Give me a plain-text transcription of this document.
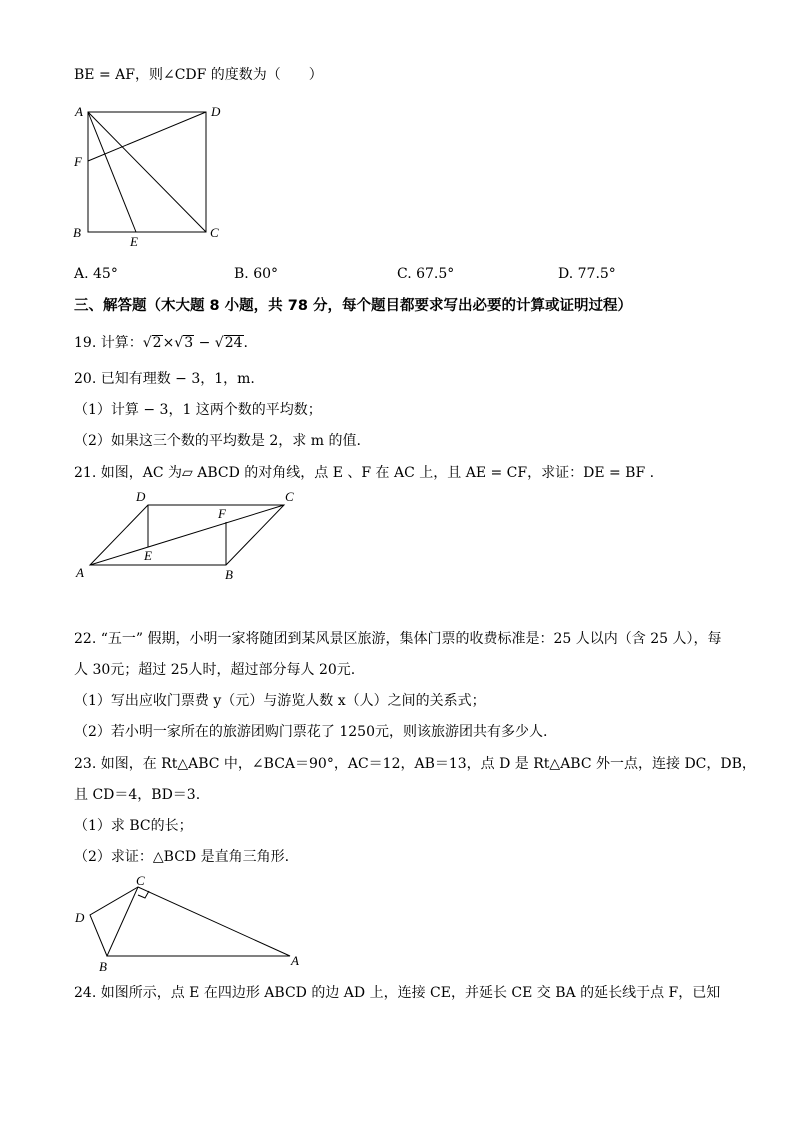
BE = AF，则∠CDF 的度数为（　　）
A	D
F
B
E
C
A. 45°	B. 60°	C. 67.5°	D. 77.5°
三、解答题（木大题 8 小题，共 78 分，每个题目都要求写出必要的计算或证明过程）
19. 计算：√2×√3 − √24.
20. 已知有理数 − 3，1，m.
（1）计算 − 3，1 这两个数的平均数；
（2）如果这三个数的平均数是 2，求 m 的值.
21. 如图，AC 为▱ ABCD 的对角线，点 E 、F 在 AC 上，且 AE = CF，求证：DE = BF .
D	C
F
E
A	B
22. “五一” 假期，小明一家将随团到某风景区旅游，集体门票的收费标准是：25 人以内（含 25 人），每
人 30元；超过 25人时，超过部分每人 20元.
（1）写出应收门票费 y（元）与游览人数 x（人）之间的关系式；
（2）若小明一家所在的旅游团购门票花了 1250元，则该旅游团共有多少人.
23. 如图，在 Rt△ABC 中，∠BCA＝90°，AC＝12，AB＝13，点 D 是 Rt△ABC 外一点，连接 DC，DB，
且 CD＝4，BD＝3.
（1）求 BC的长；
（2）求证：△BCD 是直角三角形.
C
D
B	A
24. 如图所示，点 E 在四边形 ABCD 的边 AD 上，连接 CE，并延长 CE 交 BA 的延长线于点 F，已知
